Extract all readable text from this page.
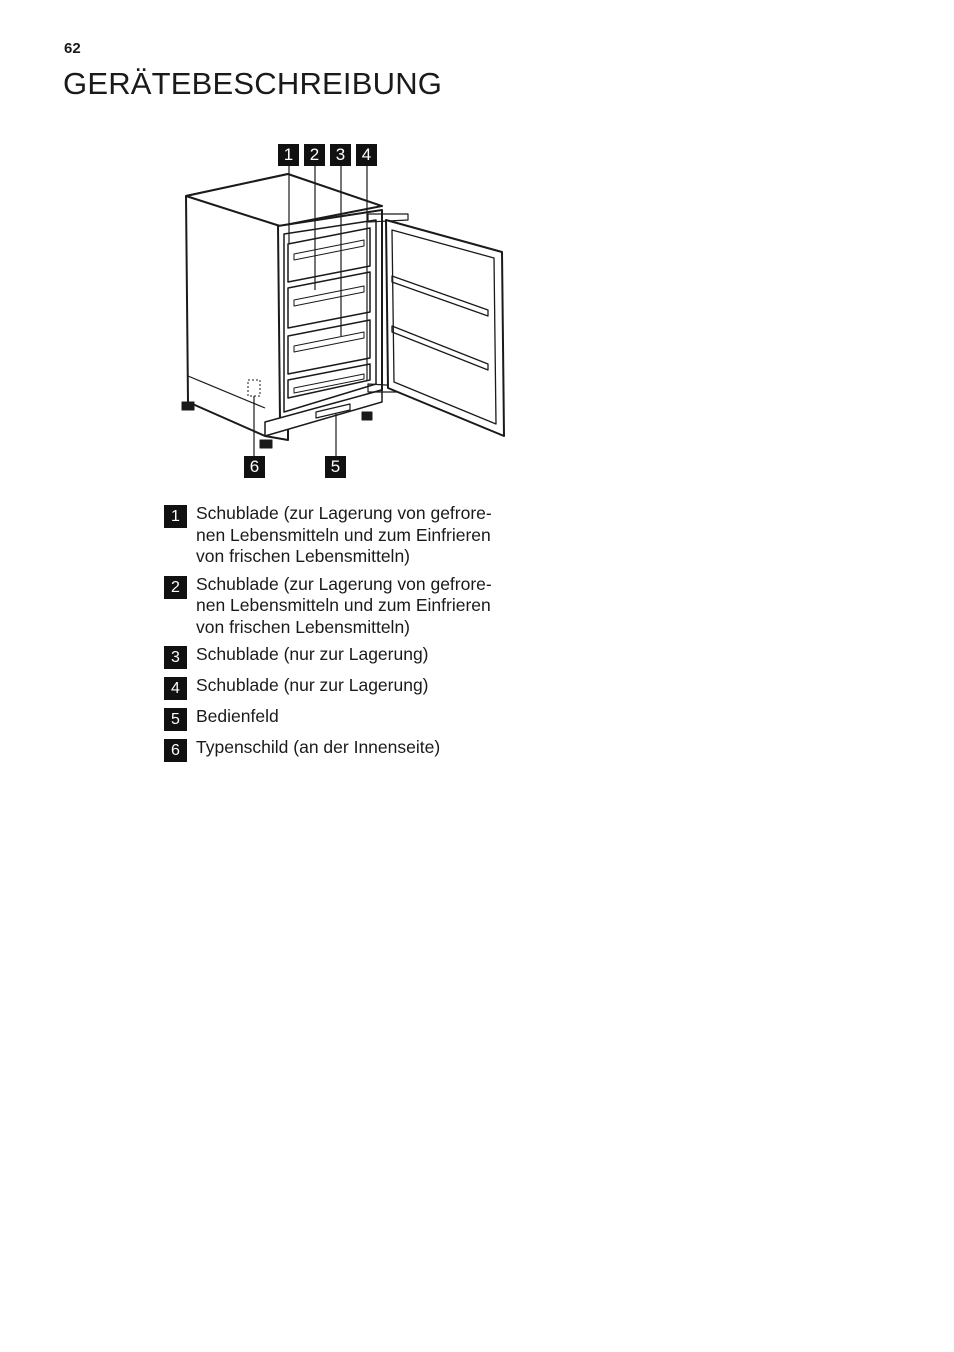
62
GERÄTEBESCHREIBUNG
1 2 3 4
6	5
1 Schublade (zur Lagerung von gefrore-
nen Lebensmitteln und zum Einfrieren
von frischen Lebensmitteln)
2 Schublade (zur Lagerung von gefrore-
nen Lebensmitteln und zum Einfrieren
von frischen Lebensmitteln)
3 Schublade (nur zur Lagerung)
4 Schublade (nur zur Lagerung)
5 Bedienfeld
6 Typenschild (an der Innenseite)
